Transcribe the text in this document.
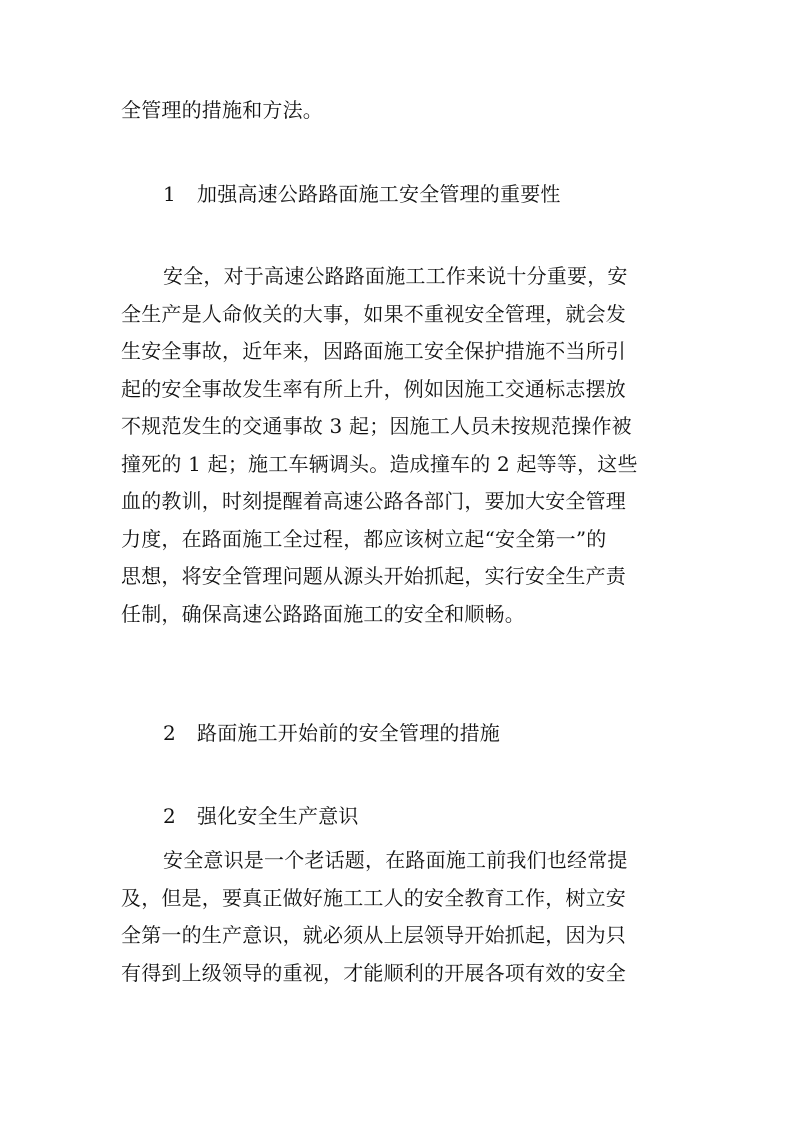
全管理的措施和方法。
1 加强高速公路路面施工安全管理的重要性
安全，对于高速公路路面施工工作来说十分重要，安
全生产是人命攸关的大事，如果不重视安全管理，就会发
生安全事故，近年来，因路面施工安全保护措施不当所引
起的安全事故发生率有所上升，例如因施工交通标志摆放
不规范发生的交通事故 3 起；因施工人员未按规范操作被
撞死的 1 起；施工车辆调头。造成撞车的 2 起等等，这些
血的教训，时刻提醒着高速公路各部门，要加大安全管理
力度，在路面施工全过程，都应该树立起“安全第一”的
思想，将安全管理问题从源头开始抓起，实行安全生产责
任制，确保高速公路路面施工的安全和顺畅。
2 路面施工开始前的安全管理的措施
2 强化安全生产意识
安全意识是一个老话题，在路面施工前我们也经常提
及，但是，要真正做好施工工人的安全教育工作，树立安
全第一的生产意识，就必须从上层领导开始抓起，因为只
有得到上级领导的重视，才能顺利的开展各项有效的安全
